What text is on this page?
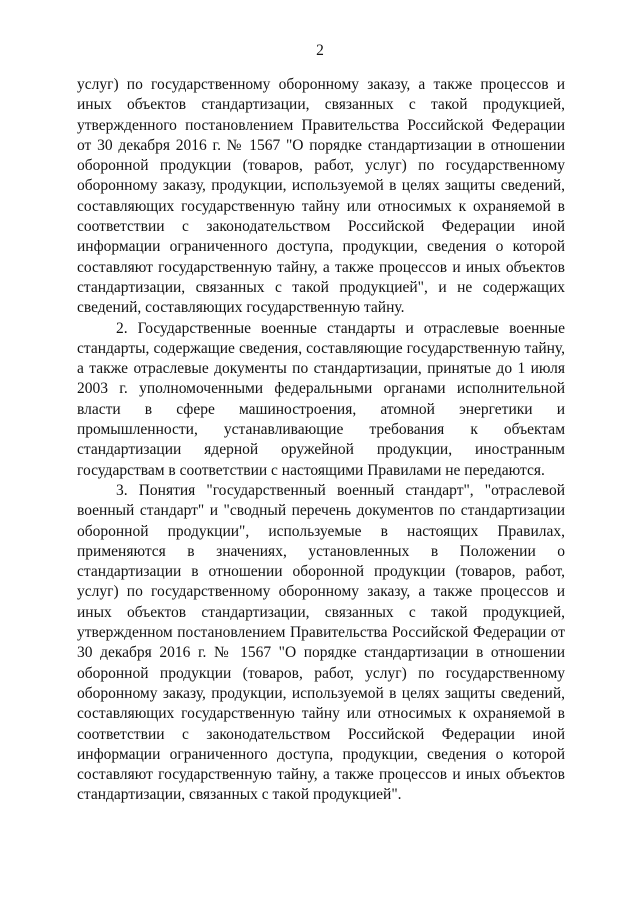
2

услуг) по государственному оборонному заказу, а также процессов и иных объектов стандартизации, связанных с такой продукцией, утвержденного постановлением Правительства Российской Федерации от 30 декабря 2016 г. № 1567 "О порядке стандартизации в отношении оборонной продукции (товаров, работ, услуг) по государственному оборонному заказу, продукции, используемой в целях защиты сведений, составляющих государственную тайну или относимых к охраняемой в соответствии с законодательством Российской Федерации иной информации ограниченного доступа, продукции, сведения о которой составляют государственную тайну, а также процессов и иных объектов стандартизации, связанных с такой продукцией", и не содержащих сведений, составляющих государственную тайну.

2. Государственные военные стандарты и отраслевые военные стандарты, содержащие сведения, составляющие государственную тайну, а также отраслевые документы по стандартизации, принятые до 1 июля 2003 г. уполномоченными федеральными органами исполнительной власти в сфере машиностроения, атомной энергетики и промышленности, устанавливающие требования к объектам стандартизации ядерной оружейной продукции, иностранным государствам в соответствии с настоящими Правилами не передаются.

3. Понятия "государственный военный стандарт", "отраслевой военный стандарт" и "сводный перечень документов по стандартизации оборонной продукции", используемые в настоящих Правилах, применяются в значениях, установленных в Положении о стандартизации в отношении оборонной продукции (товаров, работ, услуг) по государственному оборонному заказу, а также процессов и иных объектов стандартизации, связанных с такой продукцией, утвержденном постановлением Правительства Российской Федерации от 30 декабря 2016 г. № 1567 "О порядке стандартизации в отношении оборонной продукции (товаров, работ, услуг) по государственному оборонному заказу, продукции, используемой в целях защиты сведений, составляющих государственную тайну или относимых к охраняемой в соответствии с законодательством Российской Федерации иной информации ограниченного доступа, продукции, сведения о которой составляют государственную тайну, а также процессов и иных объектов стандартизации, связанных с такой продукцией".
